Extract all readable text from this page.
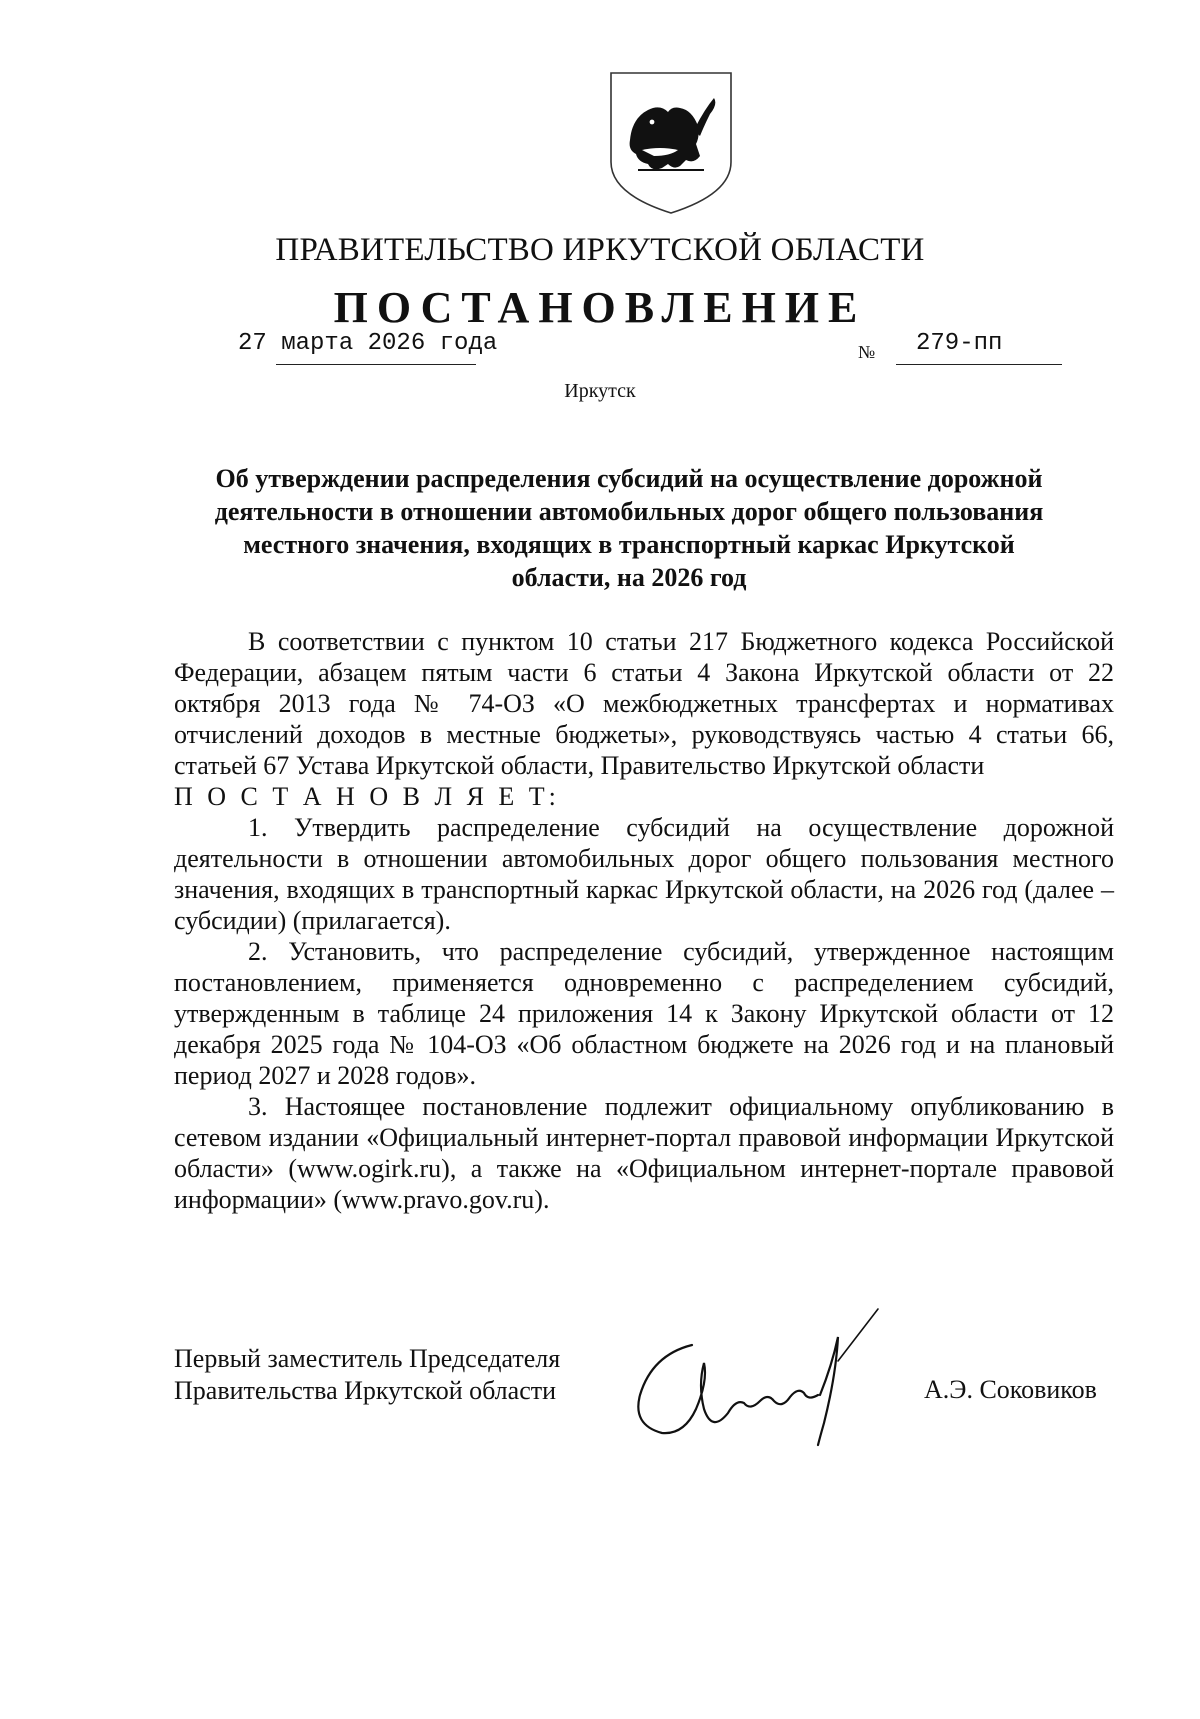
ПРАВИТЕЛЬСТВО ИРКУТСКОЙ ОБЛАСТИ
ПОСТАНОВЛЕНИЕ
27 марта 2026 года	№ 279-пп
Иркутск
Об утверждении распределения субсидий на осуществление дорожной
деятельности в отношении автомобильных дорог общего пользования
местного значения, входящих в транспортный каркас Иркутской
области, на 2026 год

В соответствии с пунктом 10 статьи 217 Бюджетного кодекса Российской Федерации, абзацем пятым части 6 статьи 4 Закона Иркутской области от 22 октября 2013 года № 74-ОЗ «О межбюджетных трансфертах и нормативах отчислений доходов в местные бюджеты», руководствуясь частью 4 статьи 66, статьей 67 Устава Иркутской области, Правительство Иркутской области

П О С Т А Н О В Л Я Е Т:

1. Утвердить распределение субсидий на осуществление дорожной деятельности в отношении автомобильных дорог общего пользования местного значения, входящих в транспортный каркас Иркутской области, на 2026 год (далее – субсидии) (прилагается).

2. Установить, что распределение субсидий, утвержденное настоящим постановлением, применяется одновременно с распределением субсидий, утвержденным в таблице 24 приложения 14 к Закону Иркутской области от 12 декабря 2025 года № 104-ОЗ «Об областном бюджете на 2026 год и на плановый период 2027 и 2028 годов».

3. Настоящее постановление подлежит официальному опубликованию в сетевом издании «Официальный интернет-портал правовой информации Иркутской области» (www.ogirk.ru), а также на «Официальном интернет-портале правовой информации» (www.pravo.gov.ru).

Первый заместитель Председателя
Правительства Иркутской области	А.Э. Соковиков
